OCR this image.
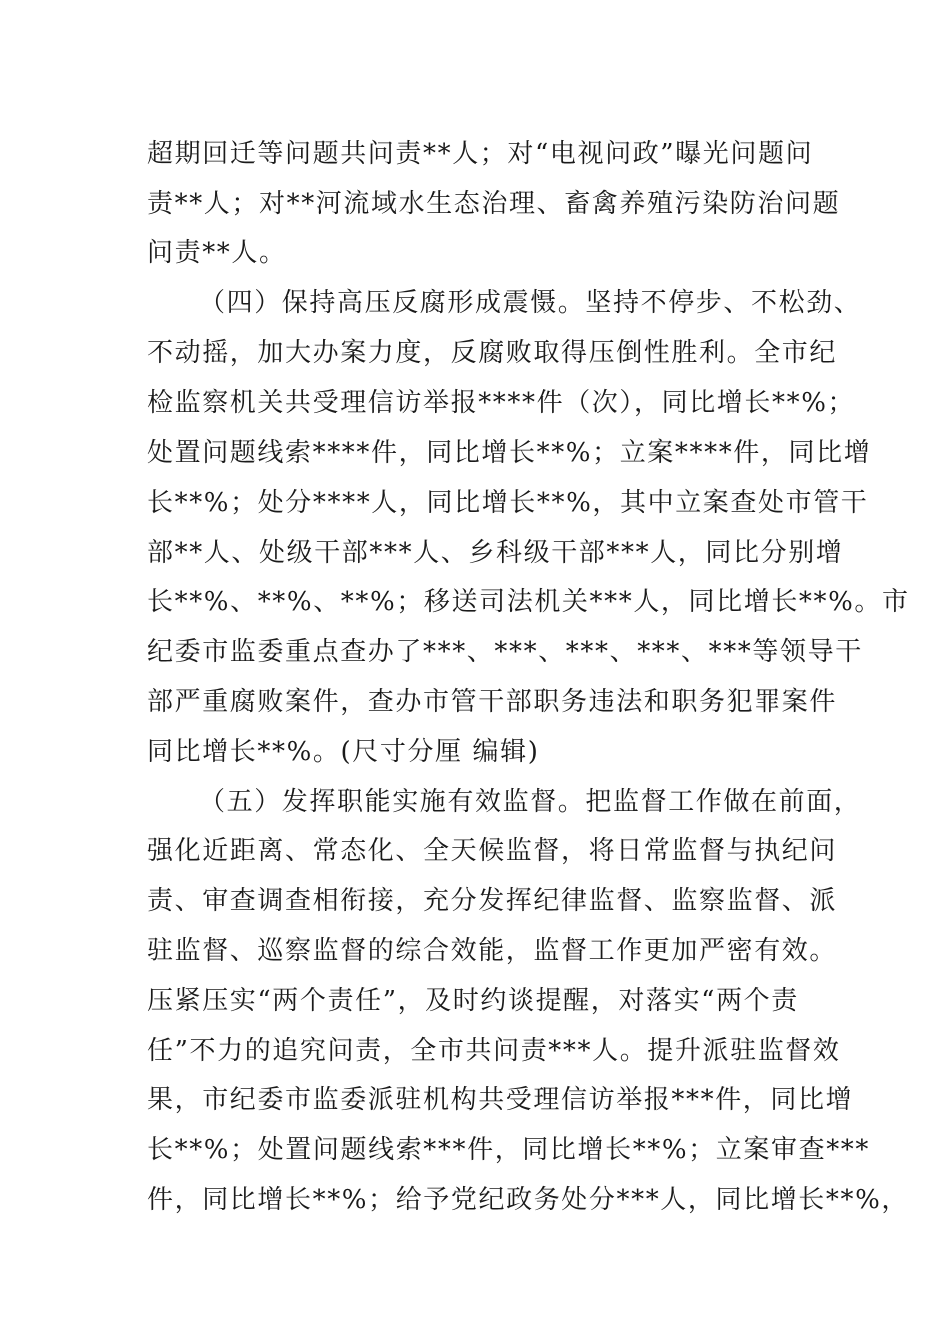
超期回迁等问题共问责**人；对“电视问政”曝光问题问
责**人；对**河流域水生态治理、畜禽养殖污染防治问题
问责**人。
（四）保持高压反腐形成震慑。坚持不停步、不松劲、
不动摇，加大办案力度，反腐败取得压倒性胜利。全市纪
检监察机关共受理信访举报****件（次），同比增长**%；
处置问题线索****件，同比增长**%；立案****件，同比增
长**%；处分****人，同比增长**%，其中立案查处市管干
部**人、处级干部***人、乡科级干部***人，同比分别增
长**%、**%、**%；移送司法机关***人，同比增长**%。市
纪委市监委重点查办了***、***、***、***、***等领导干
部严重腐败案件，查办市管干部职务违法和职务犯罪案件
同比增长**%。(尺寸分厘 编辑)
（五）发挥职能实施有效监督。把监督工作做在前面，
强化近距离、常态化、全天候监督，将日常监督与执纪问
责、审查调查相衔接，充分发挥纪律监督、监察监督、派
驻监督、巡察监督的综合效能，监督工作更加严密有效。
压紧压实“两个责任”，及时约谈提醒，对落实“两个责
任”不力的追究问责，全市共问责***人。提升派驻监督效
果，市纪委市监委派驻机构共受理信访举报***件，同比增
长**%；处置问题线索***件，同比增长**%；立案审查***
件，同比增长**%；给予党纪政务处分***人，同比增长**%，
